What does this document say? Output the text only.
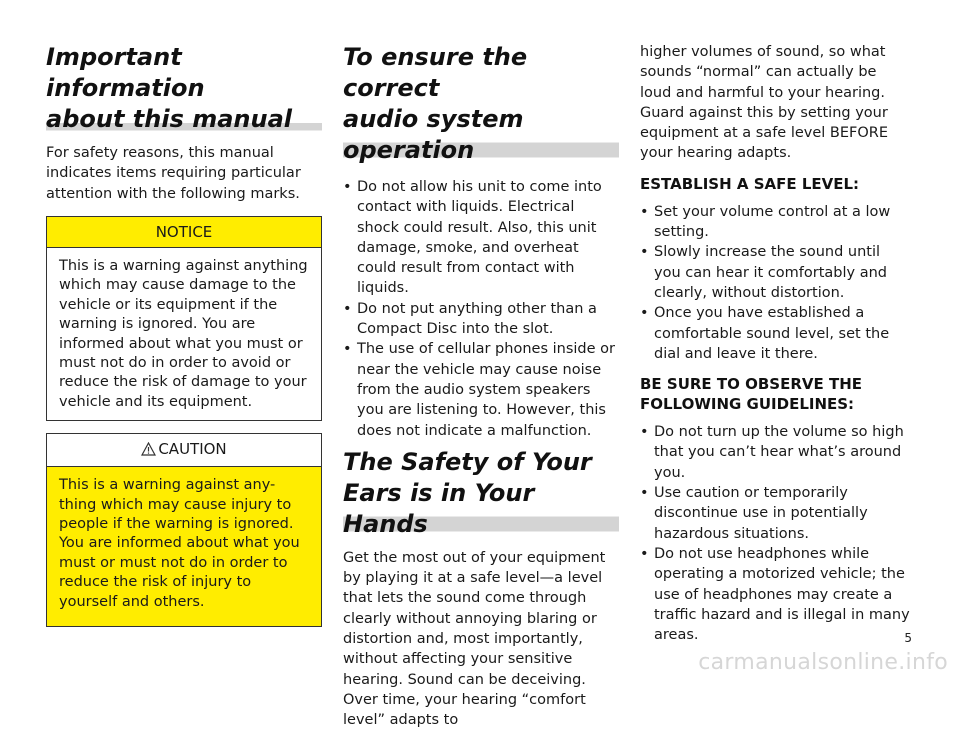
Important information
about this manual

For safety reasons, this manual indicates items requiring particular attention with the following marks.

NOTICE
This is a warning against anything which may cause damage to the vehicle or its equipment if the warning is ignored. You are informed about what you must or must not do in order to avoid or reduce the risk of damage to your vehicle and its equipment.
CAUTION
This is a warning against any-thing which may cause injury to people if the warning is ignored. You are informed about what you must or must not do in order to reduce the risk of injury to yourself and others.
To ensure the correct
audio system operation
• Do not allow his unit to come into contact with liquids. Electrical shock could result. Also, this unit damage, smoke, and overheat could result from contact with liquids.
• Do not put anything other than a Compact Disc into the slot.
• The use of cellular phones inside or near the vehicle may cause noise from the audio system speakers you are listening to. However, this does not indicate a malfunction.
The Safety of Your
Ears is in Your Hands

Get the most out of your equipment by playing it at a safe level—a level that lets the sound come through clearly without annoying blaring or distortion and, most importantly, without affecting your sensitive hearing. Sound can be deceiving. Over time, your hearing “comfort level” adapts to

higher volumes of sound, so what sounds “normal” can actually be loud and harmful to your hearing. Guard against this by setting your equipment at a safe level BEFORE your hearing adapts.

ESTABLISH A SAFE LEVEL:
• Set your volume control at a low setting.
• Slowly increase the sound until you can hear it comfortably and clearly, without distortion.
• Once you have established a comfortable sound level, set the dial and leave it there.
BE SURE TO OBSERVE THE
FOLLOWING GUIDELINES:
• Do not turn up the volume so high that you can’t hear what’s around you.
• Use caution or temporarily discontinue use in potentially hazardous situations.
• Do not use headphones while operating a motorized vehicle; the use of headphones may create a traffic hazard and is illegal in many areas.	5
carmanualsonline.info
